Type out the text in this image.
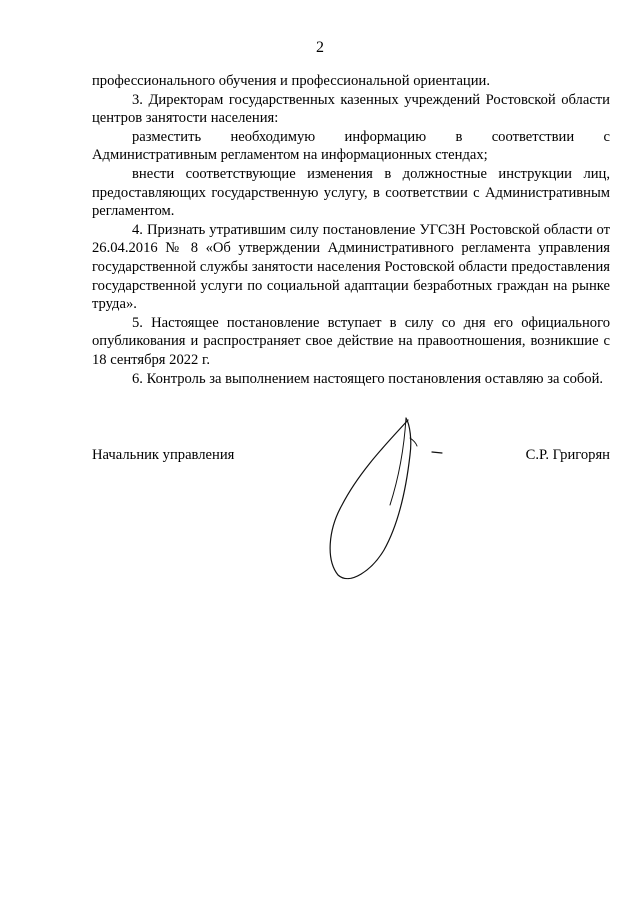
2

профессионального обучения и профессиональной ориентации.

3. Директорам государственных казенных учреждений Ростовской области центров занятости населения:

разместить необходимую информацию в соответствии с Административным регламентом на информационных стендах;

внести соответствующие изменения в должностные инструкции лиц, предоставляющих государственную услугу, в соответствии с Административным регламентом.

4. Признать утратившим силу постановление УГСЗН Ростовской области от 26.04.2016 № 8 «Об утверждении Административного регламента управления государственной службы занятости населения Ростовской области предоставления государственной услуги по социальной адаптации безработных граждан на рынке труда».

5. Настоящее постановление вступает в силу со дня его официального опубликования и распространяет свое действие на правоотношения, возникшие с 18 сентября 2022 г.

6. Контроль за выполнением настоящего постановления оставляю за собой.

Начальник управления	С.Р. Григорян
